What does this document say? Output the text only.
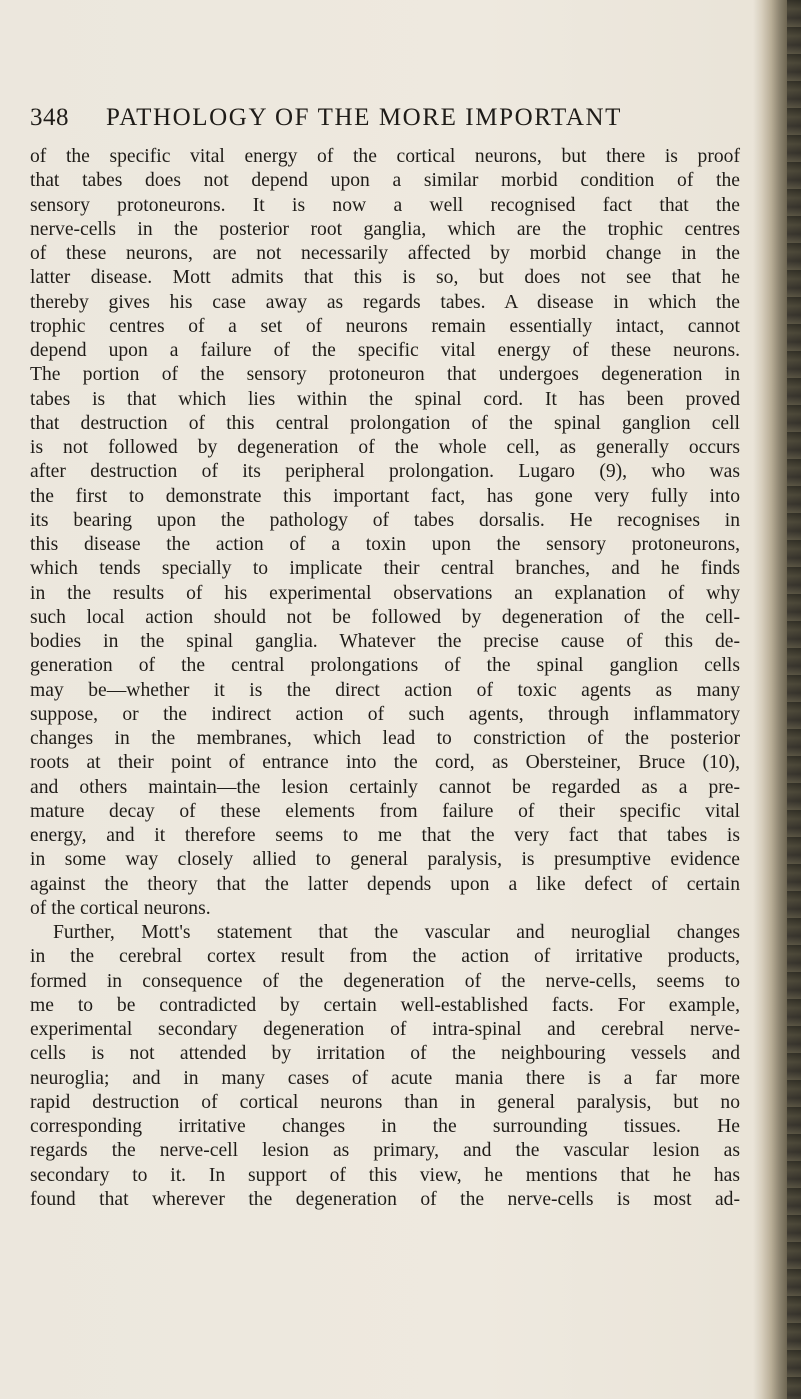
348 PATHOLOGY OF THE MORE IMPORTANT
of the specific vital energy of the cortical neurons, but there is proof
that tabes does not depend upon a similar morbid condition of the
sensory protoneurons. It is now a well recognised fact that the
nerve-cells in the posterior root ganglia, which are the trophic centres
of these neurons, are not necessarily affected by morbid change in the
latter disease. Mott admits that this is so, but does not see that he
thereby gives his case away as regards tabes. A disease in which the
trophic centres of a set of neurons remain essentially intact, cannot
depend upon a failure of the specific vital energy of these neurons.
The portion of the sensory protoneuron that undergoes degeneration in
tabes is that which lies within the spinal cord. It has been proved
that destruction of this central prolongation of the spinal ganglion cell
is not followed by degeneration of the whole cell, as generally occurs
after destruction of its peripheral prolongation. Lugaro (9), who was
the first to demonstrate this important fact, has gone very fully into
its bearing upon the pathology of tabes dorsalis. He recognises in
this disease the action of a toxin upon the sensory protoneurons,
which tends specially to implicate their central branches, and he finds
in the results of his experimental observations an explanation of why
such local action should not be followed by degeneration of the cell-
bodies in the spinal ganglia. Whatever the precise cause of this de-
generation of the central prolongations of the spinal ganglion cells
may be—whether it is the direct action of toxic agents as many
suppose, or the indirect action of such agents, through inflammatory
changes in the membranes, which lead to constriction of the posterior
roots at their point of entrance into the cord, as Obersteiner, Bruce (10),
and others maintain—the lesion certainly cannot be regarded as a pre-
mature decay of these elements from failure of their specific vital
energy, and it therefore seems to me that the very fact that tabes is
in some way closely allied to general paralysis, is presumptive evidence
against the theory that the latter depends upon a like defect of certain
of the cortical neurons.
Further, Mott's statement that the vascular and neuroglial changes
in the cerebral cortex result from the action of irritative products,
formed in consequence of the degeneration of the nerve-cells, seems to
me to be contradicted by certain well-established facts. For example,
experimental secondary degeneration of intra-spinal and cerebral nerve-
cells is not attended by irritation of the neighbouring vessels and
neuroglia; and in many cases of acute mania there is a far more
rapid destruction of cortical neurons than in general paralysis, but no
corresponding irritative changes in the surrounding tissues. He
regards the nerve-cell lesion as primary, and the vascular lesion as
secondary to it. In support of this view, he mentions that he has
found that wherever the degeneration of the nerve-cells is most ad-
